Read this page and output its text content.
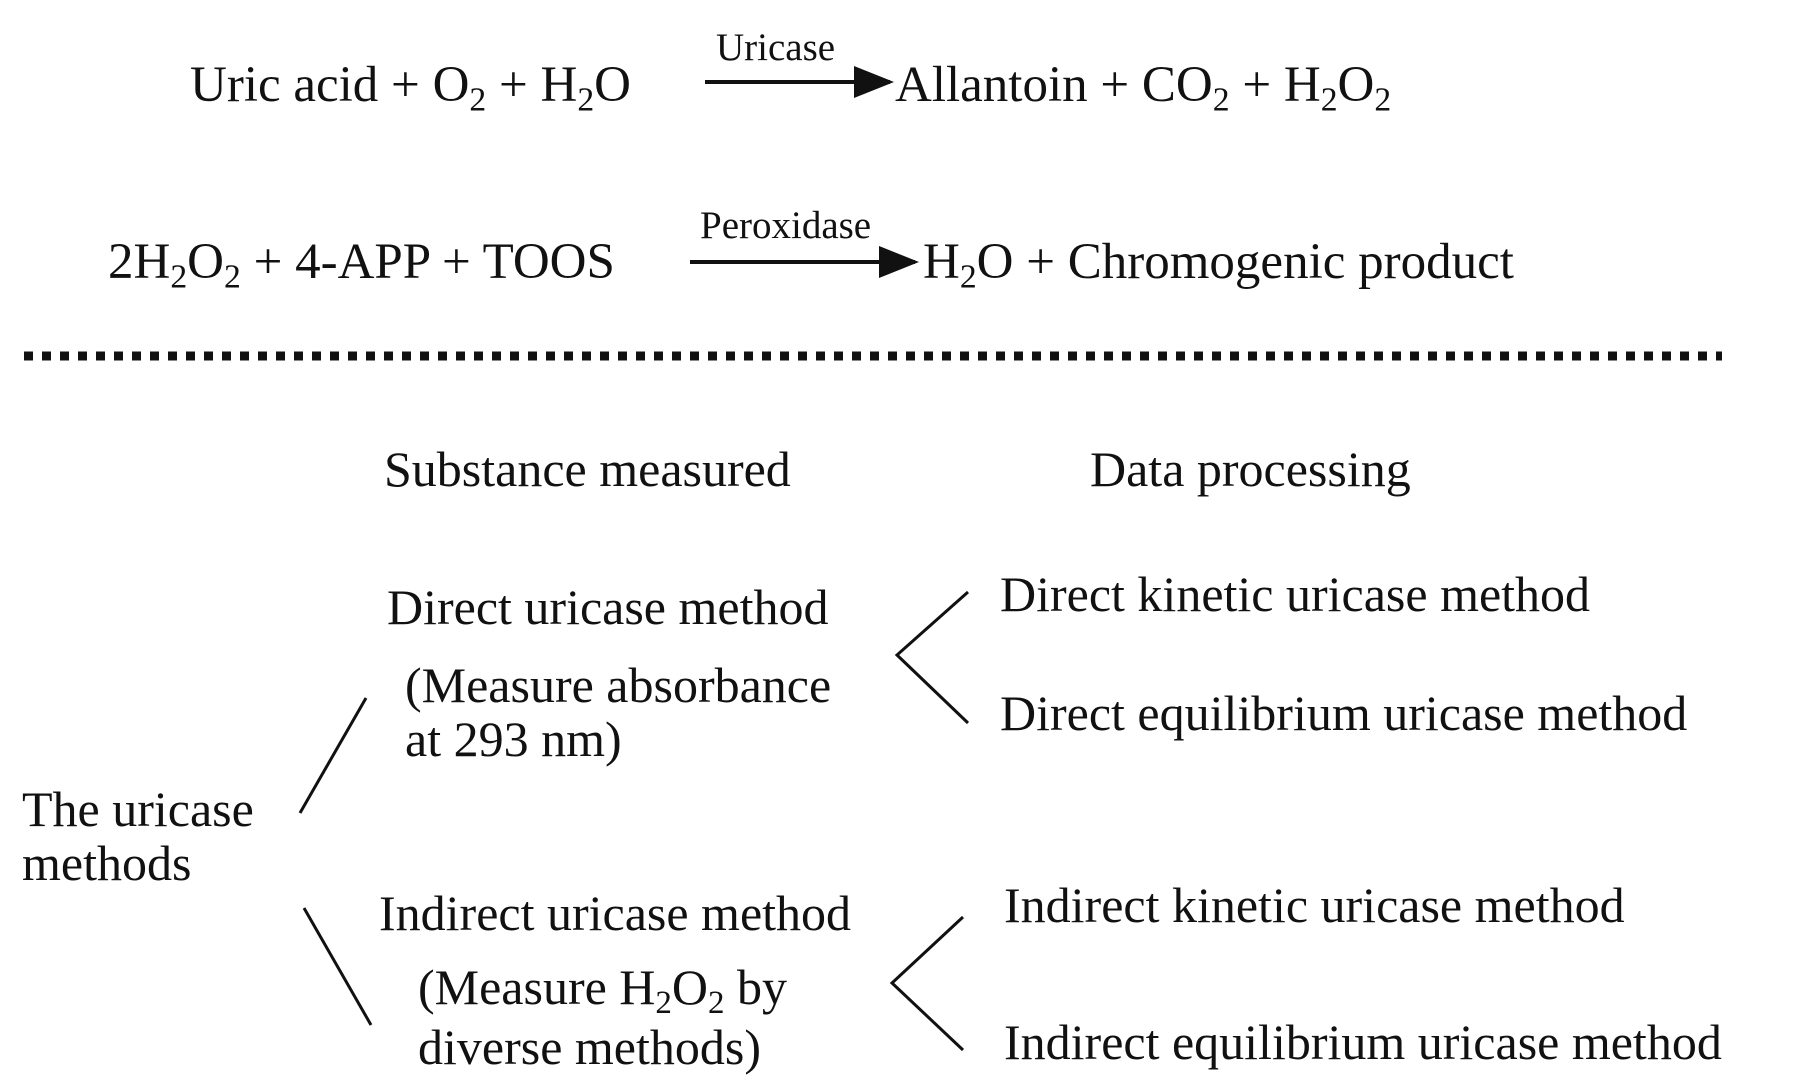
Uricase
Uric acid + $O_2 + H_2O$	Allantoin + $CO_2 + H_2O_2$
Peroxidase
$2H_2O_2 + 4-APP$ + TOOS	$H_2O$ + Chromogenic product
Substance measured	Data processing
The uricase
methods
Direct uricase method
(Measure absorbance
at 293 nm)
Direct kinetic uricase method
Direct equilibrium uricase method
Indirect uricase method
(Measure $H_2O_2$ by
diverse methods)
Indirect kinetic uricase method
Indirect equilibrium uricase method
